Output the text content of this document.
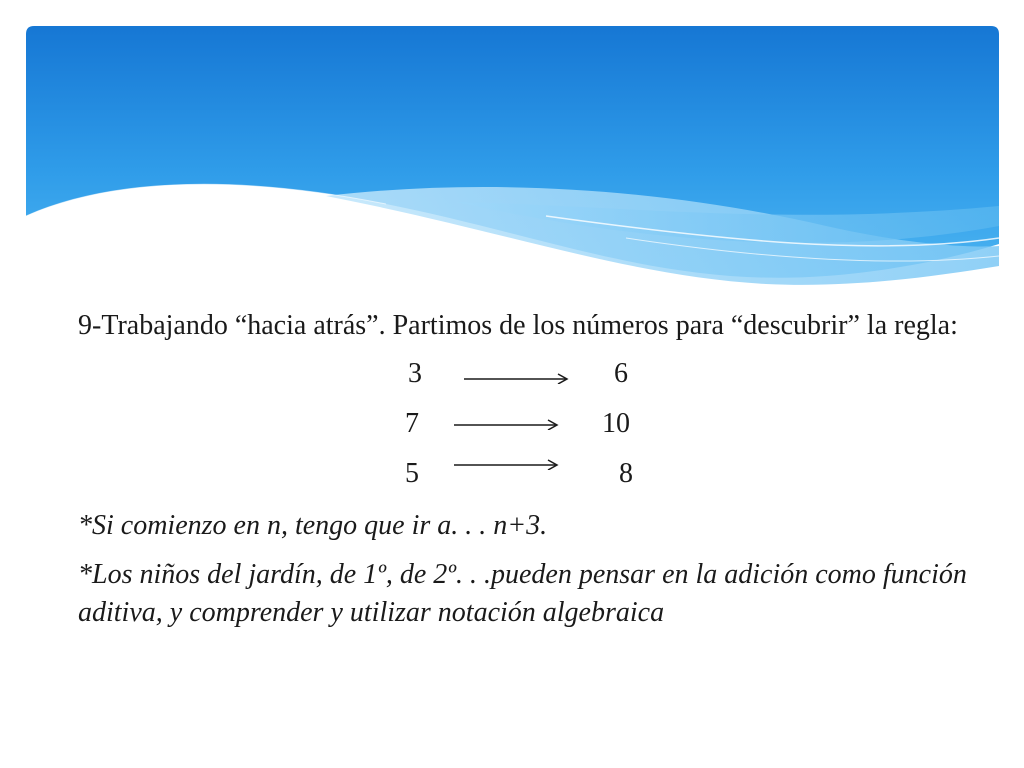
9-Trabajando “hacia atrás”. Partimos de los números para “descubrir” la regla:

3	6
7	10
5	8

*Si comienzo en n, tengo que ir a. . . n+3.

*Los niños del jardín, de 1º, de 2º. . .pueden pensar en la adición como función aditiva, y comprender y utilizar notación algebraica
